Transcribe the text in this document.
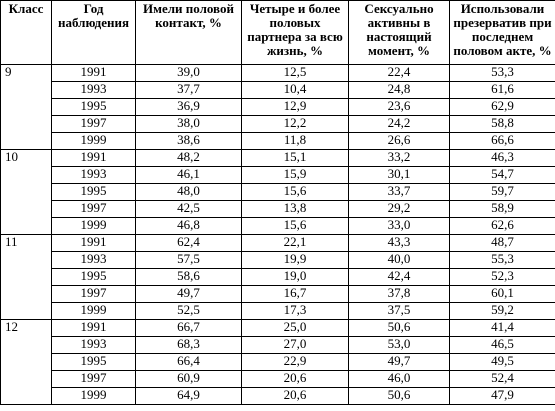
Класс	Год наблюдения	Имели половой контакт, %	Четыре и более половых партнера за всю жизнь, %	Сексуально активны в настоящий момент, %	Использовали презерватив при последнем половом акте, %
9	1991	39,0	12,5	22,4	53,3
	1993	37,7	10,4	24,8	61,6
	1995	36,9	12,9	23,6	62,9
	1997	38,0	12,2	24,2	58,8
	1999	38,6	11,8	26,6	66,6
10	1991	48,2	15,1	33,2	46,3
	1993	46,1	15,9	30,1	54,7
	1995	48,0	15,6	33,7	59,7
	1997	42,5	13,8	29,2	58,9
	1999	46,8	15,6	33,0	62,6
11	1991	62,4	22,1	43,3	48,7
	1993	57,5	19,9	40,0	55,3
	1995	58,6	19,0	42,4	52,3
	1997	49,7	16,7	37,8	60,1
	1999	52,5	17,3	37,5	59,2
12	1991	66,7	25,0	50,6	41,4
	1993	68,3	27,0	53,0	46,5
	1995	66,4	22,9	49,7	49,5
	1997	60,9	20,6	46,0	52,4
	1999	64,9	20,6	50,6	47,9
